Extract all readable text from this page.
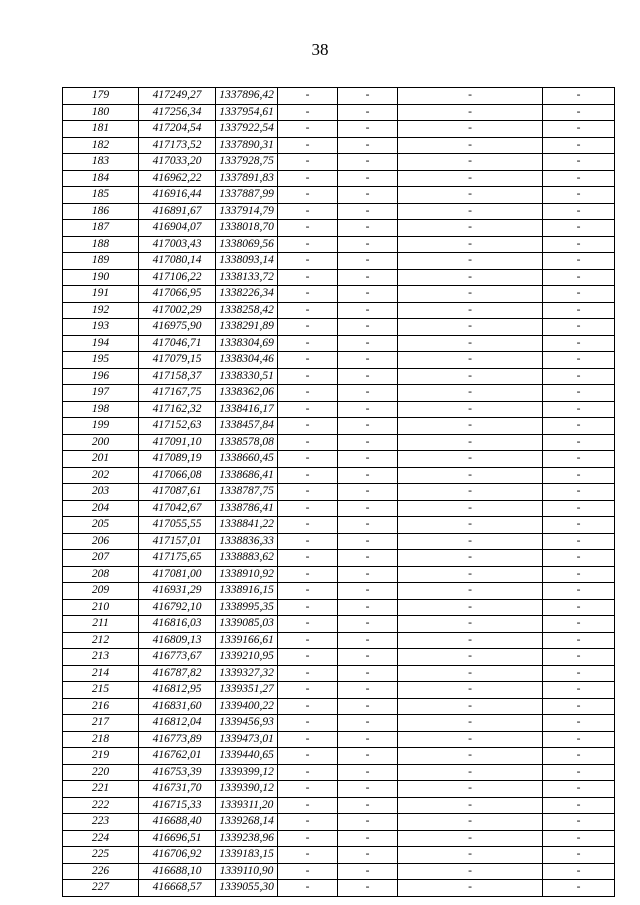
38
179	417249,27	1337896,42	-	-	-	-
180	417256,34	1337954,61	-	-	-	-
181	417204,54	1337922,54	-	-	-	-
182	417173,52	1337890,31	-	-	-	-
183	417033,20	1337928,75	-	-	-	-
184	416962,22	1337891,83	-	-	-	-
185	416916,44	1337887,99	-	-	-	-
186	416891,67	1337914,79	-	-	-	-
187	416904,07	1338018,70	-	-	-	-
188	417003,43	1338069,56	-	-	-	-
189	417080,14	1338093,14	-	-	-	-
190	417106,22	1338133,72	-	-	-	-
191	417066,95	1338226,34	-	-	-	-
192	417002,29	1338258,42	-	-	-	-
193	416975,90	1338291,89	-	-	-	-
194	417046,71	1338304,69	-	-	-	-
195	417079,15	1338304,46	-	-	-	-
196	417158,37	1338330,51	-	-	-	-
197	417167,75	1338362,06	-	-	-	-
198	417162,32	1338416,17	-	-	-	-
199	417152,63	1338457,84	-	-	-	-
200	417091,10	1338578,08	-	-	-	-
201	417089,19	1338660,45	-	-	-	-
202	417066,08	1338686,41	-	-	-	-
203	417087,61	1338787,75	-	-	-	-
204	417042,67	1338786,41	-	-	-	-
205	417055,55	1338841,22	-	-	-	-
206	417157,01	1338836,33	-	-	-	-
207	417175,65	1338883,62	-	-	-	-
208	417081,00	1338910,92	-	-	-	-
209	416931,29	1338916,15	-	-	-	-
210	416792,10	1338995,35	-	-	-	-
211	416816,03	1339085,03	-	-	-	-
212	416809,13	1339166,61	-	-	-	-
213	416773,67	1339210,95	-	-	-	-
214	416787,82	1339327,32	-	-	-	-
215	416812,95	1339351,27	-	-	-	-
216	416831,60	1339400,22	-	-	-	-
217	416812,04	1339456,93	-	-	-	-
218	416773,89	1339473,01	-	-	-	-
219	416762,01	1339440,65	-	-	-	-
220	416753,39	1339399,12	-	-	-	-
221	416731,70	1339390,12	-	-	-	-
222	416715,33	1339311,20	-	-	-	-
223	416688,40	1339268,14	-	-	-	-
224	416696,51	1339238,96	-	-	-	-
225	416706,92	1339183,15	-	-	-	-
226	416688,10	1339110,90	-	-	-	-
227	416668,57	1339055,30	-	-	-	-
